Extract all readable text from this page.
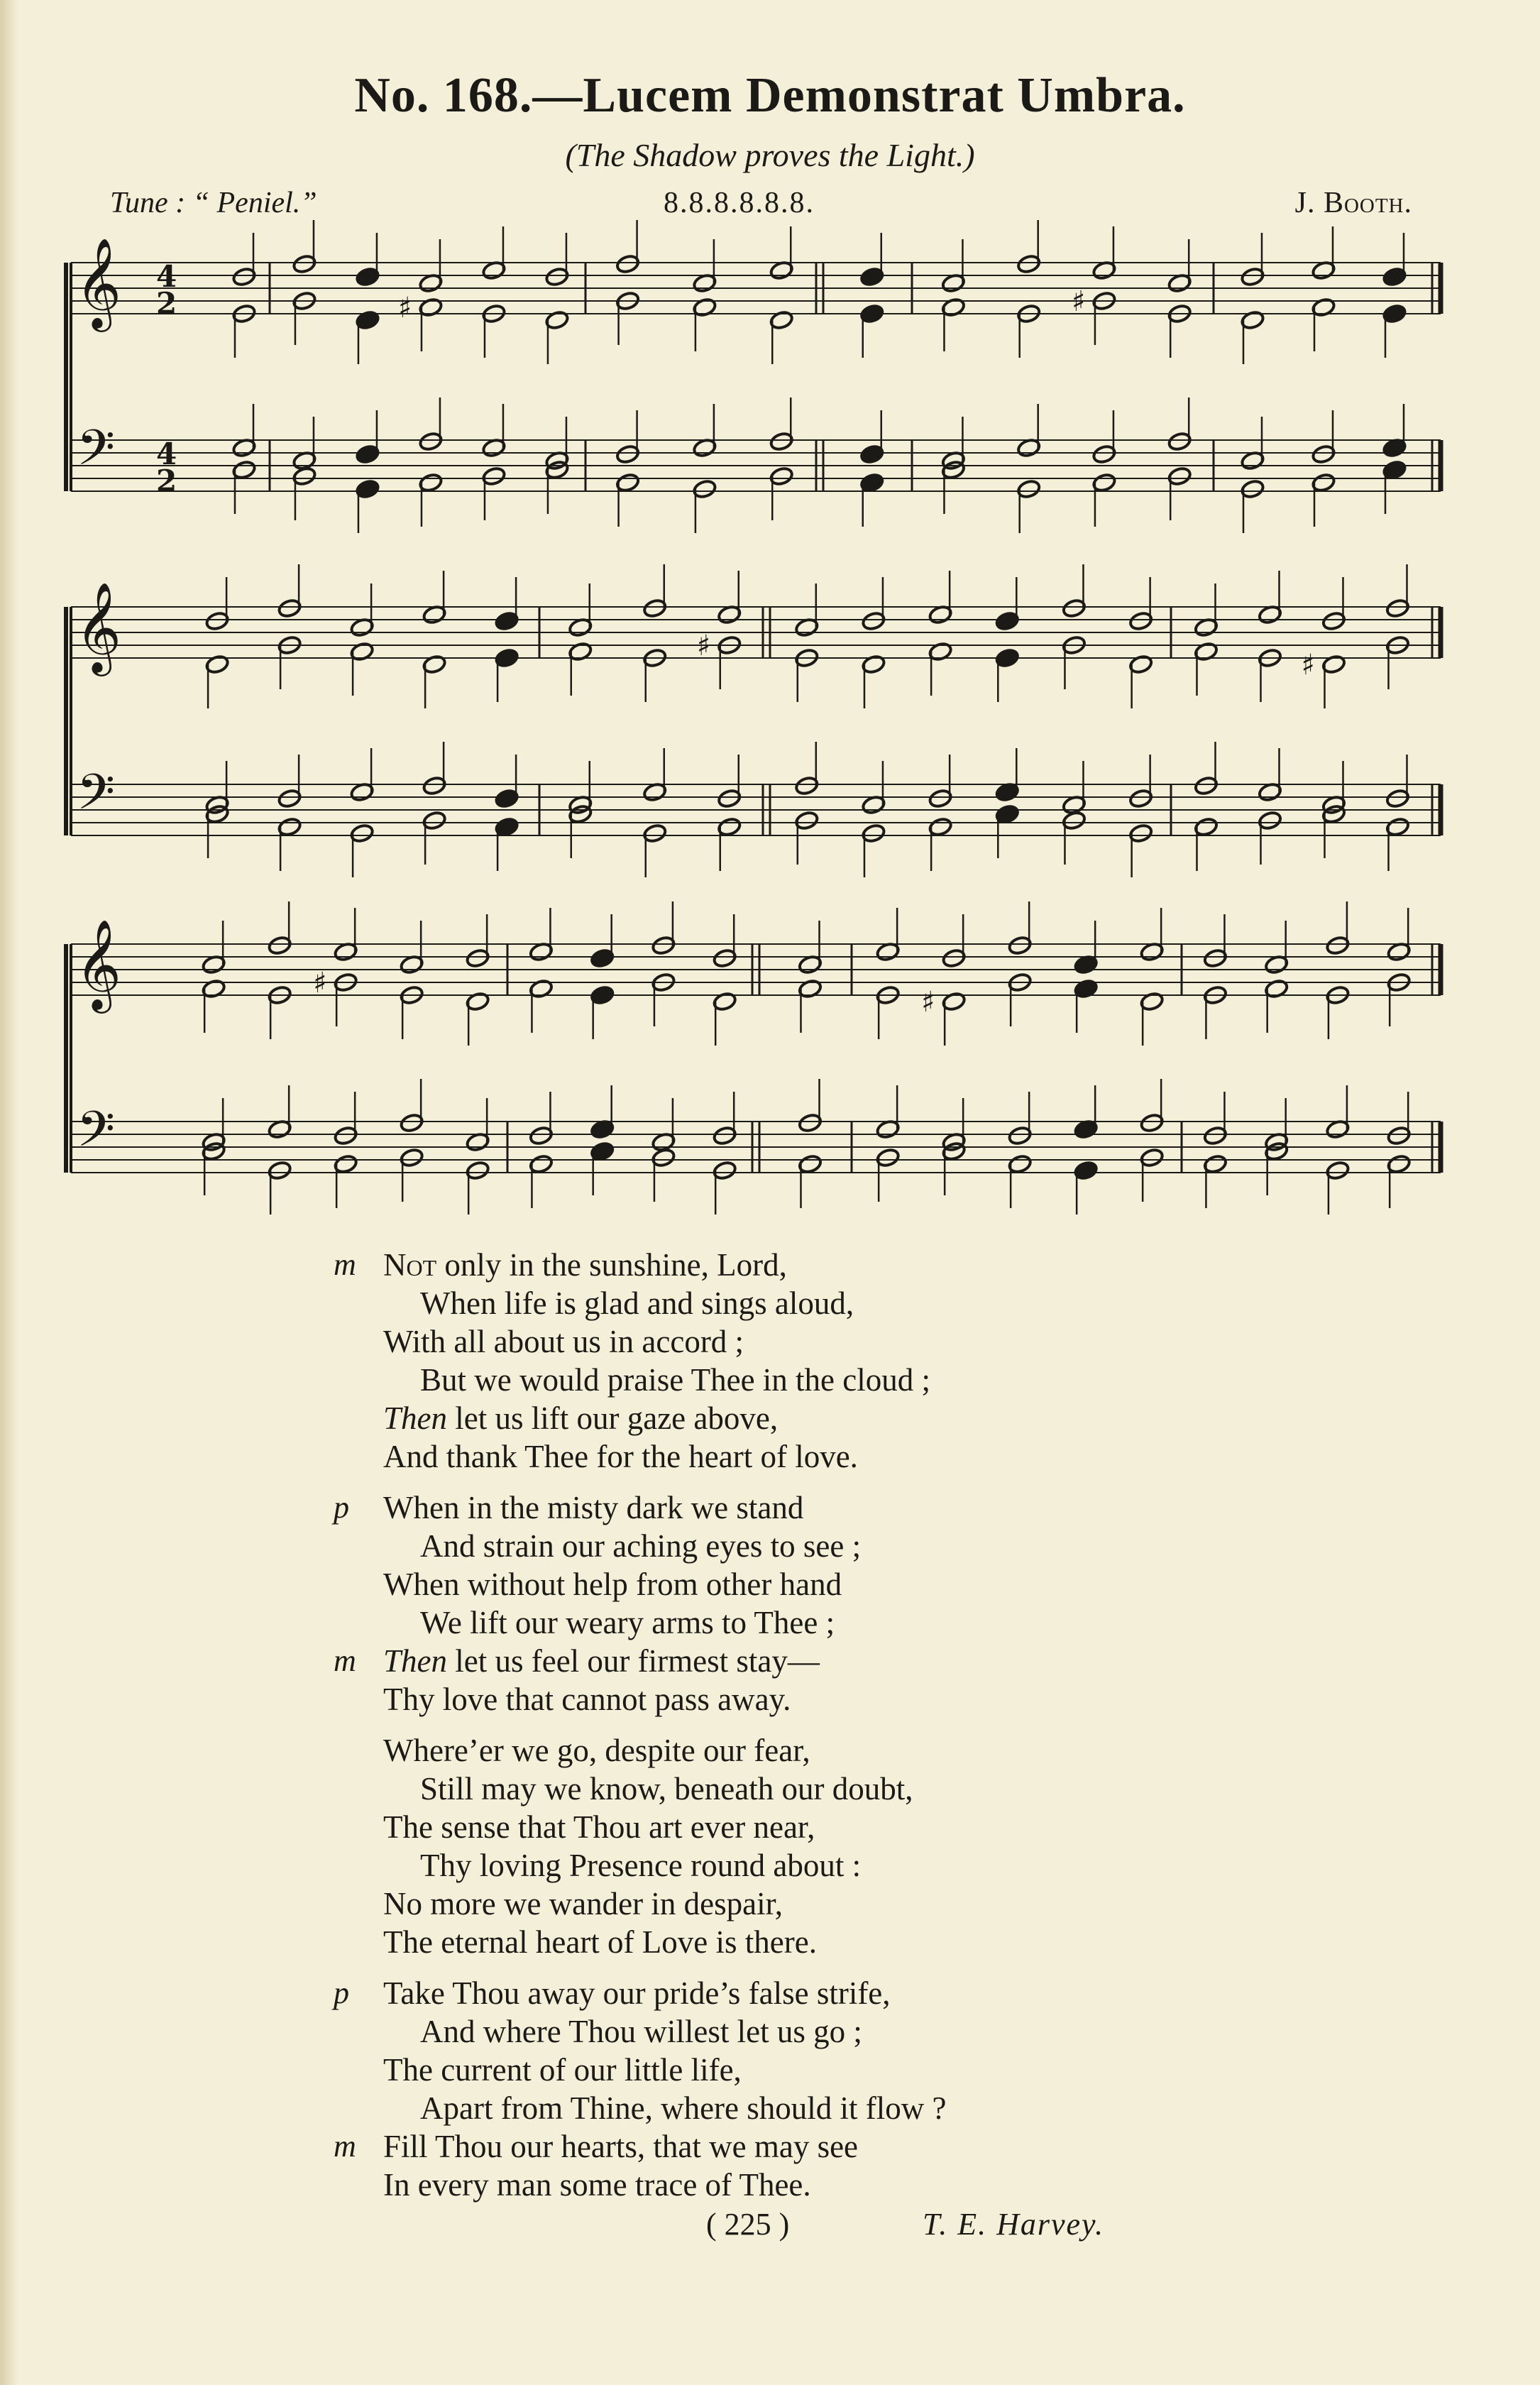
No. 168.—Lucem Demonstrat Umbra.
(The Shadow proves the Light.)
Tune : “ Peniel.”	8.8.8.8.8.8.	J. Booth.
𝄞
𝄢
4
2
4
2
♯	♯
𝄞
𝄢
♯
♯
𝄞
𝄢
♯
♯
m Not only in the sunshine, Lord,
When life is glad and sings aloud,
With all about us in accord ;
But we would praise Thee in the cloud ;
Then let us lift our gaze above,
And thank Thee for the heart of love.
p When in the misty dark we stand
And strain our aching eyes to see ;
When without help from other hand
We lift our weary arms to Thee ;
m Then let us feel our firmest stay—
Thy love that cannot pass away.
Where’er we go, despite our fear,
Still may we know, beneath our doubt,
The sense that Thou art ever near,
Thy loving Presence round about :
No more we wander in despair,
The eternal heart of Love is there.
p Take Thou away our pride’s false strife,
And where Thou willest let us go ;
The current of our little life,
Apart from Thine, where should it flow ?
m Fill Thou our hearts, that we may see
In every man some trace of Thee.
( 225 )	T. E. Harvey.
